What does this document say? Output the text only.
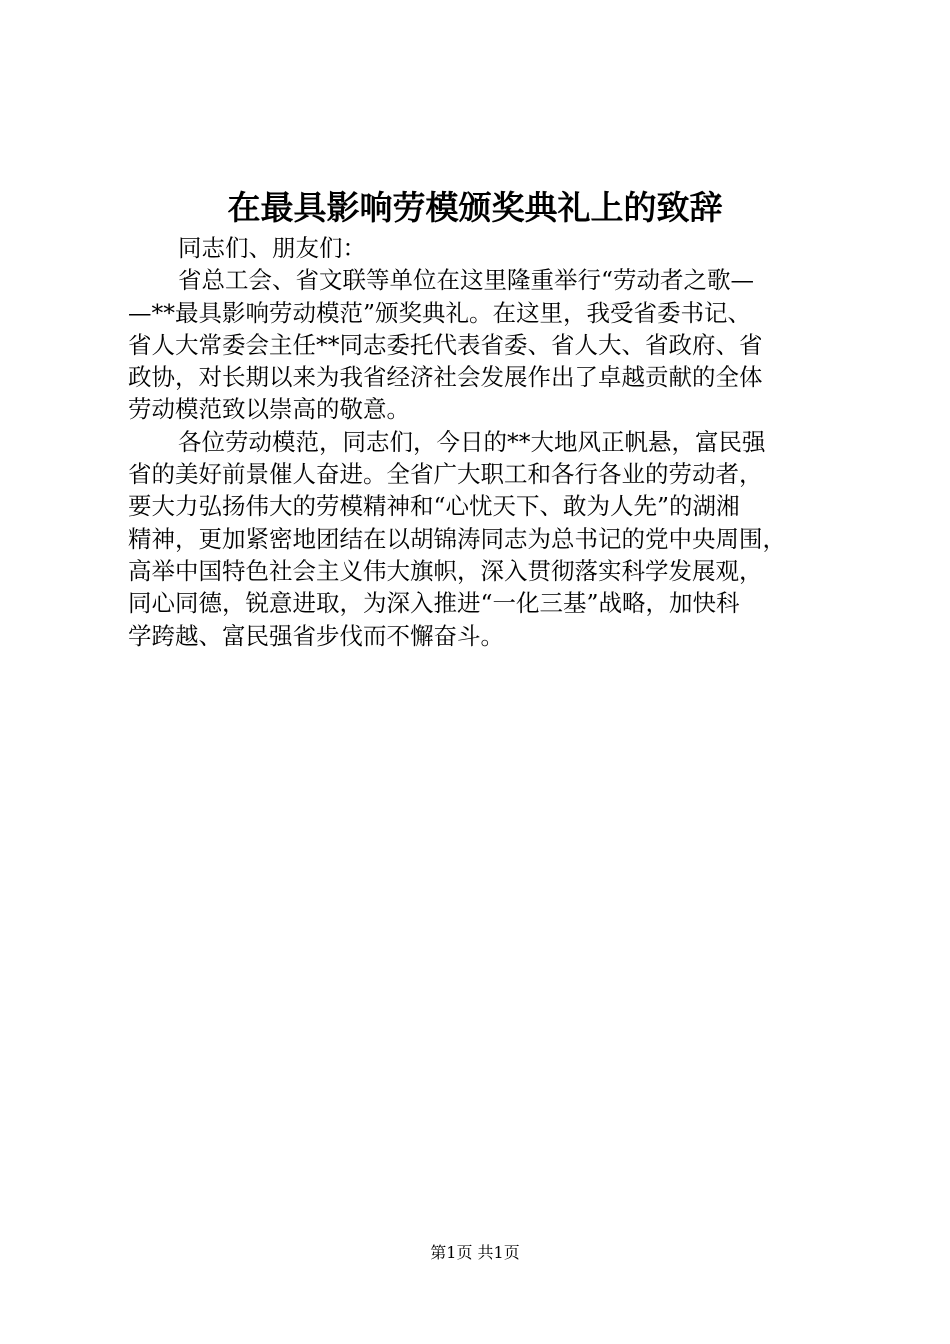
在最具影响劳模颁奖典礼上的致辞
同志们、朋友们：
省总工会、省文联等单位在这里隆重举行“劳动者之歌—
—**最具影响劳动模范”颁奖典礼。在这里，我受省委书记、
省人大常委会主任**同志委托代表省委、省人大、省政府、省
政协，对长期以来为我省经济社会发展作出了卓越贡献的全体
劳动模范致以崇高的敬意。
各位劳动模范，同志们，今日的**大地风正帆悬，富民强
省的美好前景催人奋进。全省广大职工和各行各业的劳动者，
要大力弘扬伟大的劳模精神和“心忧天下、敢为人先”的湖湘
精神，更加紧密地团结在以胡锦涛同志为总书记的党中央周围，
高举中国特色社会主义伟大旗帜，深入贯彻落实科学发展观，
同心同德，锐意进取，为深入推进“一化三基”战略，加快科
学跨越、富民强省步伐而不懈奋斗。
第1页 共1页
